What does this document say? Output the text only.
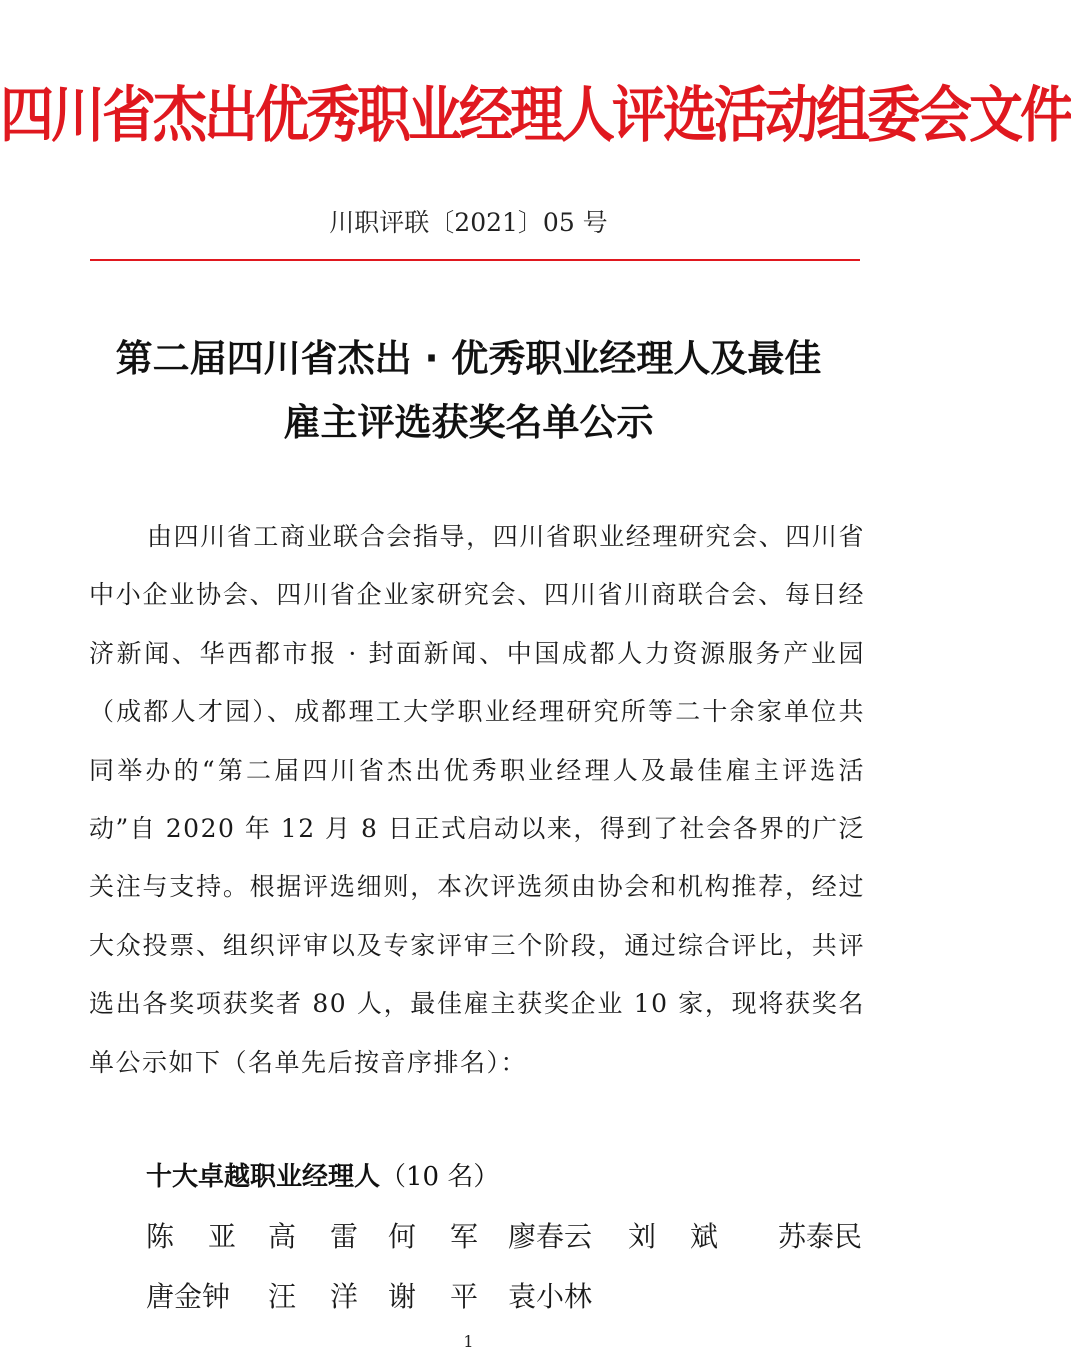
四川省杰出优秀职业经理人评选活动组委会文件
川职评联〔2021〕05 号
第二届四川省杰出 · 优秀职业经理人及最佳
雇主评选获奖名单公示
由四川省工商业联合会指导，四川省职业经理研究会、四川省中小企业协会、四川省企业家研究会、四川省川商联合会、每日经济新闻、华西都市报 · 封面新闻、中国成都人力资源服务产业园（成都人才园）、成都理工大学职业经理研究所等二十余家单位共同举办的“第二届四川省杰出优秀职业经理人及最佳雇主评选活动”自 2020 年 12 月 8 日正式启动以来，得到了社会各界的广泛关注与支持。根据评选细则，本次评选须由协会和机构推荐，经过大众投票、组织评审以及专家评审三个阶段，通过综合评比，共评选出各奖项获奖者 80 人，最佳雇主获奖企业 10 家，现将获奖名单公示如下（名单先后按音序排名）：
十大卓越职业经理人（10 名）
陈亚
高雷
何军
廖春云	刘斌 苏泰民
唐金钟	汪洋
谢平
袁小林
1
